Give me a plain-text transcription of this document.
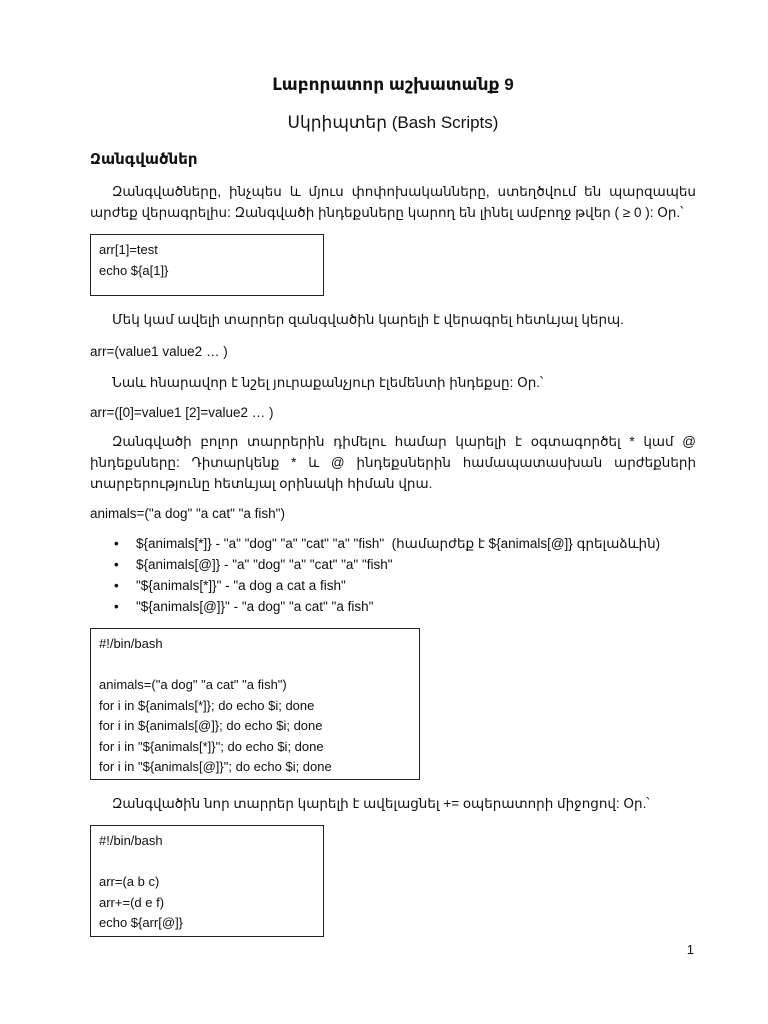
Լաբորատոր աշխատանք 9
Սկրիպտեր (Bash Scripts)
Զանգվածներ
Զանգվածները, ինչպես և մյուս փոփոխականները, ստեղծվում են պարզապես արժեք վերագրելիս: Զանգվածի ինդեքսները կարող են լինել ամբողջ թվեր ( ≥ 0 ): Օր.՝
arr[1]=test
echo ${a[1]}
Մեկ կամ ավելի տարրեր զանգվածին կարելի է վերագրել հետևյալ կերպ.
arr=(value1 value2 … )
Նաև հնարավոր է նշել յուրաքանչյուր էլեմենտի ինդեքսը: Օր.՝
arr=([0]=value1 [2]=value2 … )
Զանգվածի բոլոր տարրերին դիմելու համար կարելի է օգտագործել * կամ @ ինդեքսները: Դիտարկենք * և @ ինդեքսներին համապատասխան արժեքների տարբերությունը հետևյալ օրինակի հիման վրա.
animals=("a dog" "a cat" "a fish")
• ${animals[*]} - "a" "dog" "a" "cat" "a" "fish"  (համարժեք է ${animals[@]} գրելաձևին)
• ${animals[@]} - "a" "dog" "a" "cat" "a" "fish"
• "${animals[*]}" - "a dog a cat a fish"
• "${animals[@]}" - "a dog" "a cat" "a fish"
#!/bin/bash
animals=("a dog" "a cat" "a fish")
for i in ${animals[*]}; do echo $i; done
for i in ${animals[@]}; do echo $i; done
for i in "${animals[*]}"; do echo $i; done
for i in "${animals[@]}"; do echo $i; done
Զանգվածին նոր տարրեր կարելի է ավելացնել += օպերատորի միջոցով: Օր.՝
#!/bin/bash
arr=(a b c)
arr+=(d e f)
echo ${arr[@]}
1
